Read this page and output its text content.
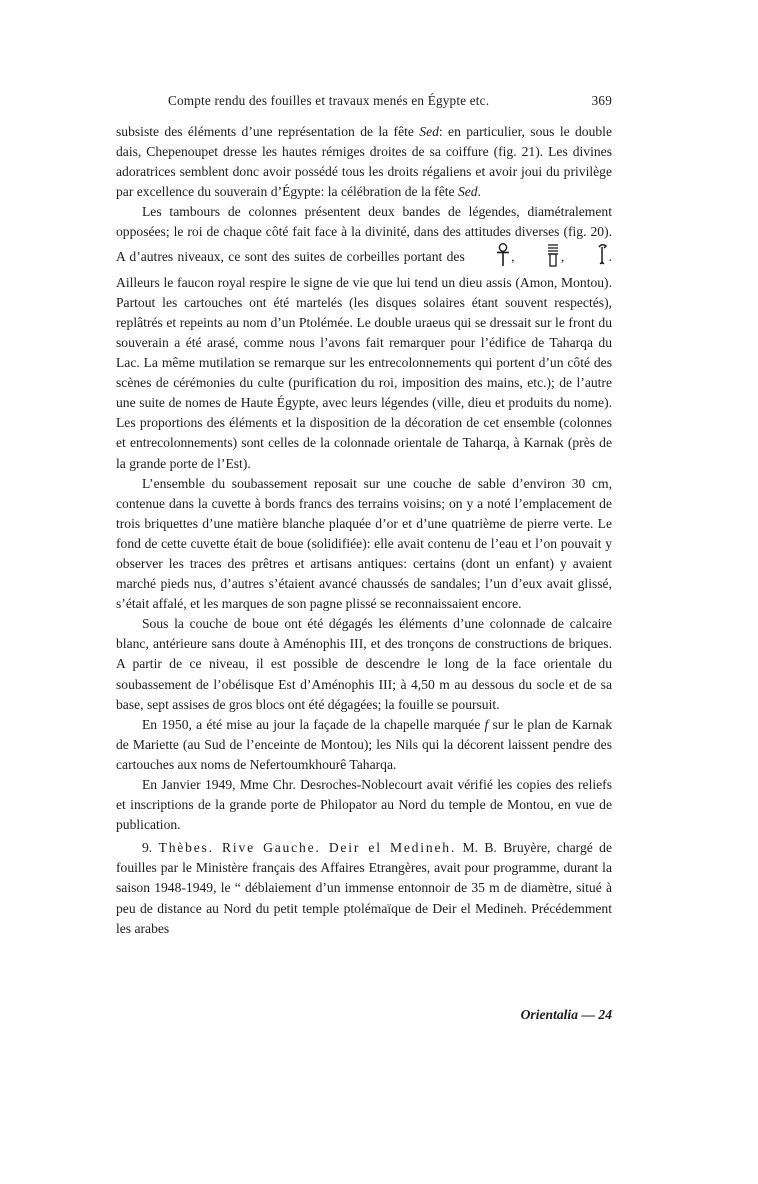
Compte rendu des fouilles et travaux menés en Égypte etc.	369

subsiste des éléments d’une représentation de la fête Sed: en particulier, sous le double dais, Chepenoupet dresse les hautes rémiges droites de sa coiffure (fig. 21). Les divines adoratrices semblent donc avoir possédé tous les droits régaliens et avoir joui du privilège par excellence du souverain d’Égypte: la célébration de la fête Sed.

Les tambours de colonnes présentent deux bandes de légendes, diamétralement opposées; le roi de chaque côté fait face à la divinité, dans des attitudes diverses (fig. 20). A d’autres niveaux, ce sont des suites de corbeilles portant des	,	,	. Ailleurs le faucon royal respire le signe de vie que lui tend un dieu assis (Amon, Montou). Partout les cartouches ont été martelés (les disques solaires étant souvent respectés), replâtrés et repeints au nom d’un Ptolémée. Le double uraeus qui se dressait sur le front du souverain a été arasé, comme nous l’avons fait remarquer pour l’édifice de Taharqa du Lac. La même mutilation se remarque sur les entrecolonnements qui portent d’un côté des scènes de cérémonies du culte (purification du roi, imposition des mains, etc.); de l’autre une suite de nomes de Haute Égypte, avec leurs légendes (ville, dieu et produits du nome). Les proportions des éléments et la disposition de la décoration de cet ensemble (colonnes et entrecolonnements) sont celles de la colonnade orientale de Taharqa, à Karnak (près de la grande porte de l’Est).

L’ensemble du soubassement reposait sur une couche de sable d’environ 30 cm, contenue dans la cuvette à bords francs des terrains voisins; on y a noté l’emplacement de trois briquettes d’une matière blanche plaquée d’or et d’une quatrième de pierre verte. Le fond de cette cuvette était de boue (solidifiée): elle avait contenu de l’eau et l’on pouvait y observer les traces des prêtres et artisans antiques: certains (dont un enfant) y avaient marché pieds nus, d’autres s’étaient avancé chaussés de sandales; l’un d’eux avait glissé, s’était affalé, et les marques de son pagne plissé se reconnaissaient encore.

Sous la couche de boue ont été dégagés les éléments d’une colonnade de calcaire blanc, antérieure sans doute à Aménophis III, et des tronçons de constructions de briques. A partir de ce niveau, il est possible de descendre le long de la face orientale du soubassement de l’obélisque Est d’Aménophis III; à 4,50 m au dessous du socle et de sa base, sept assises de gros blocs ont été dégagées; la fouille se poursuit.

En 1950, a été mise au jour la façade de la chapelle marquée f sur le plan de Karnak de Mariette (au Sud de l’enceinte de Montou); les Nils qui la décorent laissent pendre des cartouches aux noms de Nefertoumkhourê Taharqa.

En Janvier 1949, Mme Chr. Desroches-Noblecourt avait vérifié les copies des reliefs et inscriptions de la grande porte de Philopator au Nord du temple de Montou, en vue de publication.

9. Thèbes. Rive Gauche. Deir el Medineh. M. B. Bruyère, chargé de fouilles par le Ministère français des Affaires Etrangères, avait pour programme, durant la saison 1948-1949, le “ déblaiement d’un immense entonnoir de 35 m de diamètre, situé à peu de distance au Nord du petit temple ptolémaïque de Deir el Medineh. Précédemment les arabes

Orientalia — 24
